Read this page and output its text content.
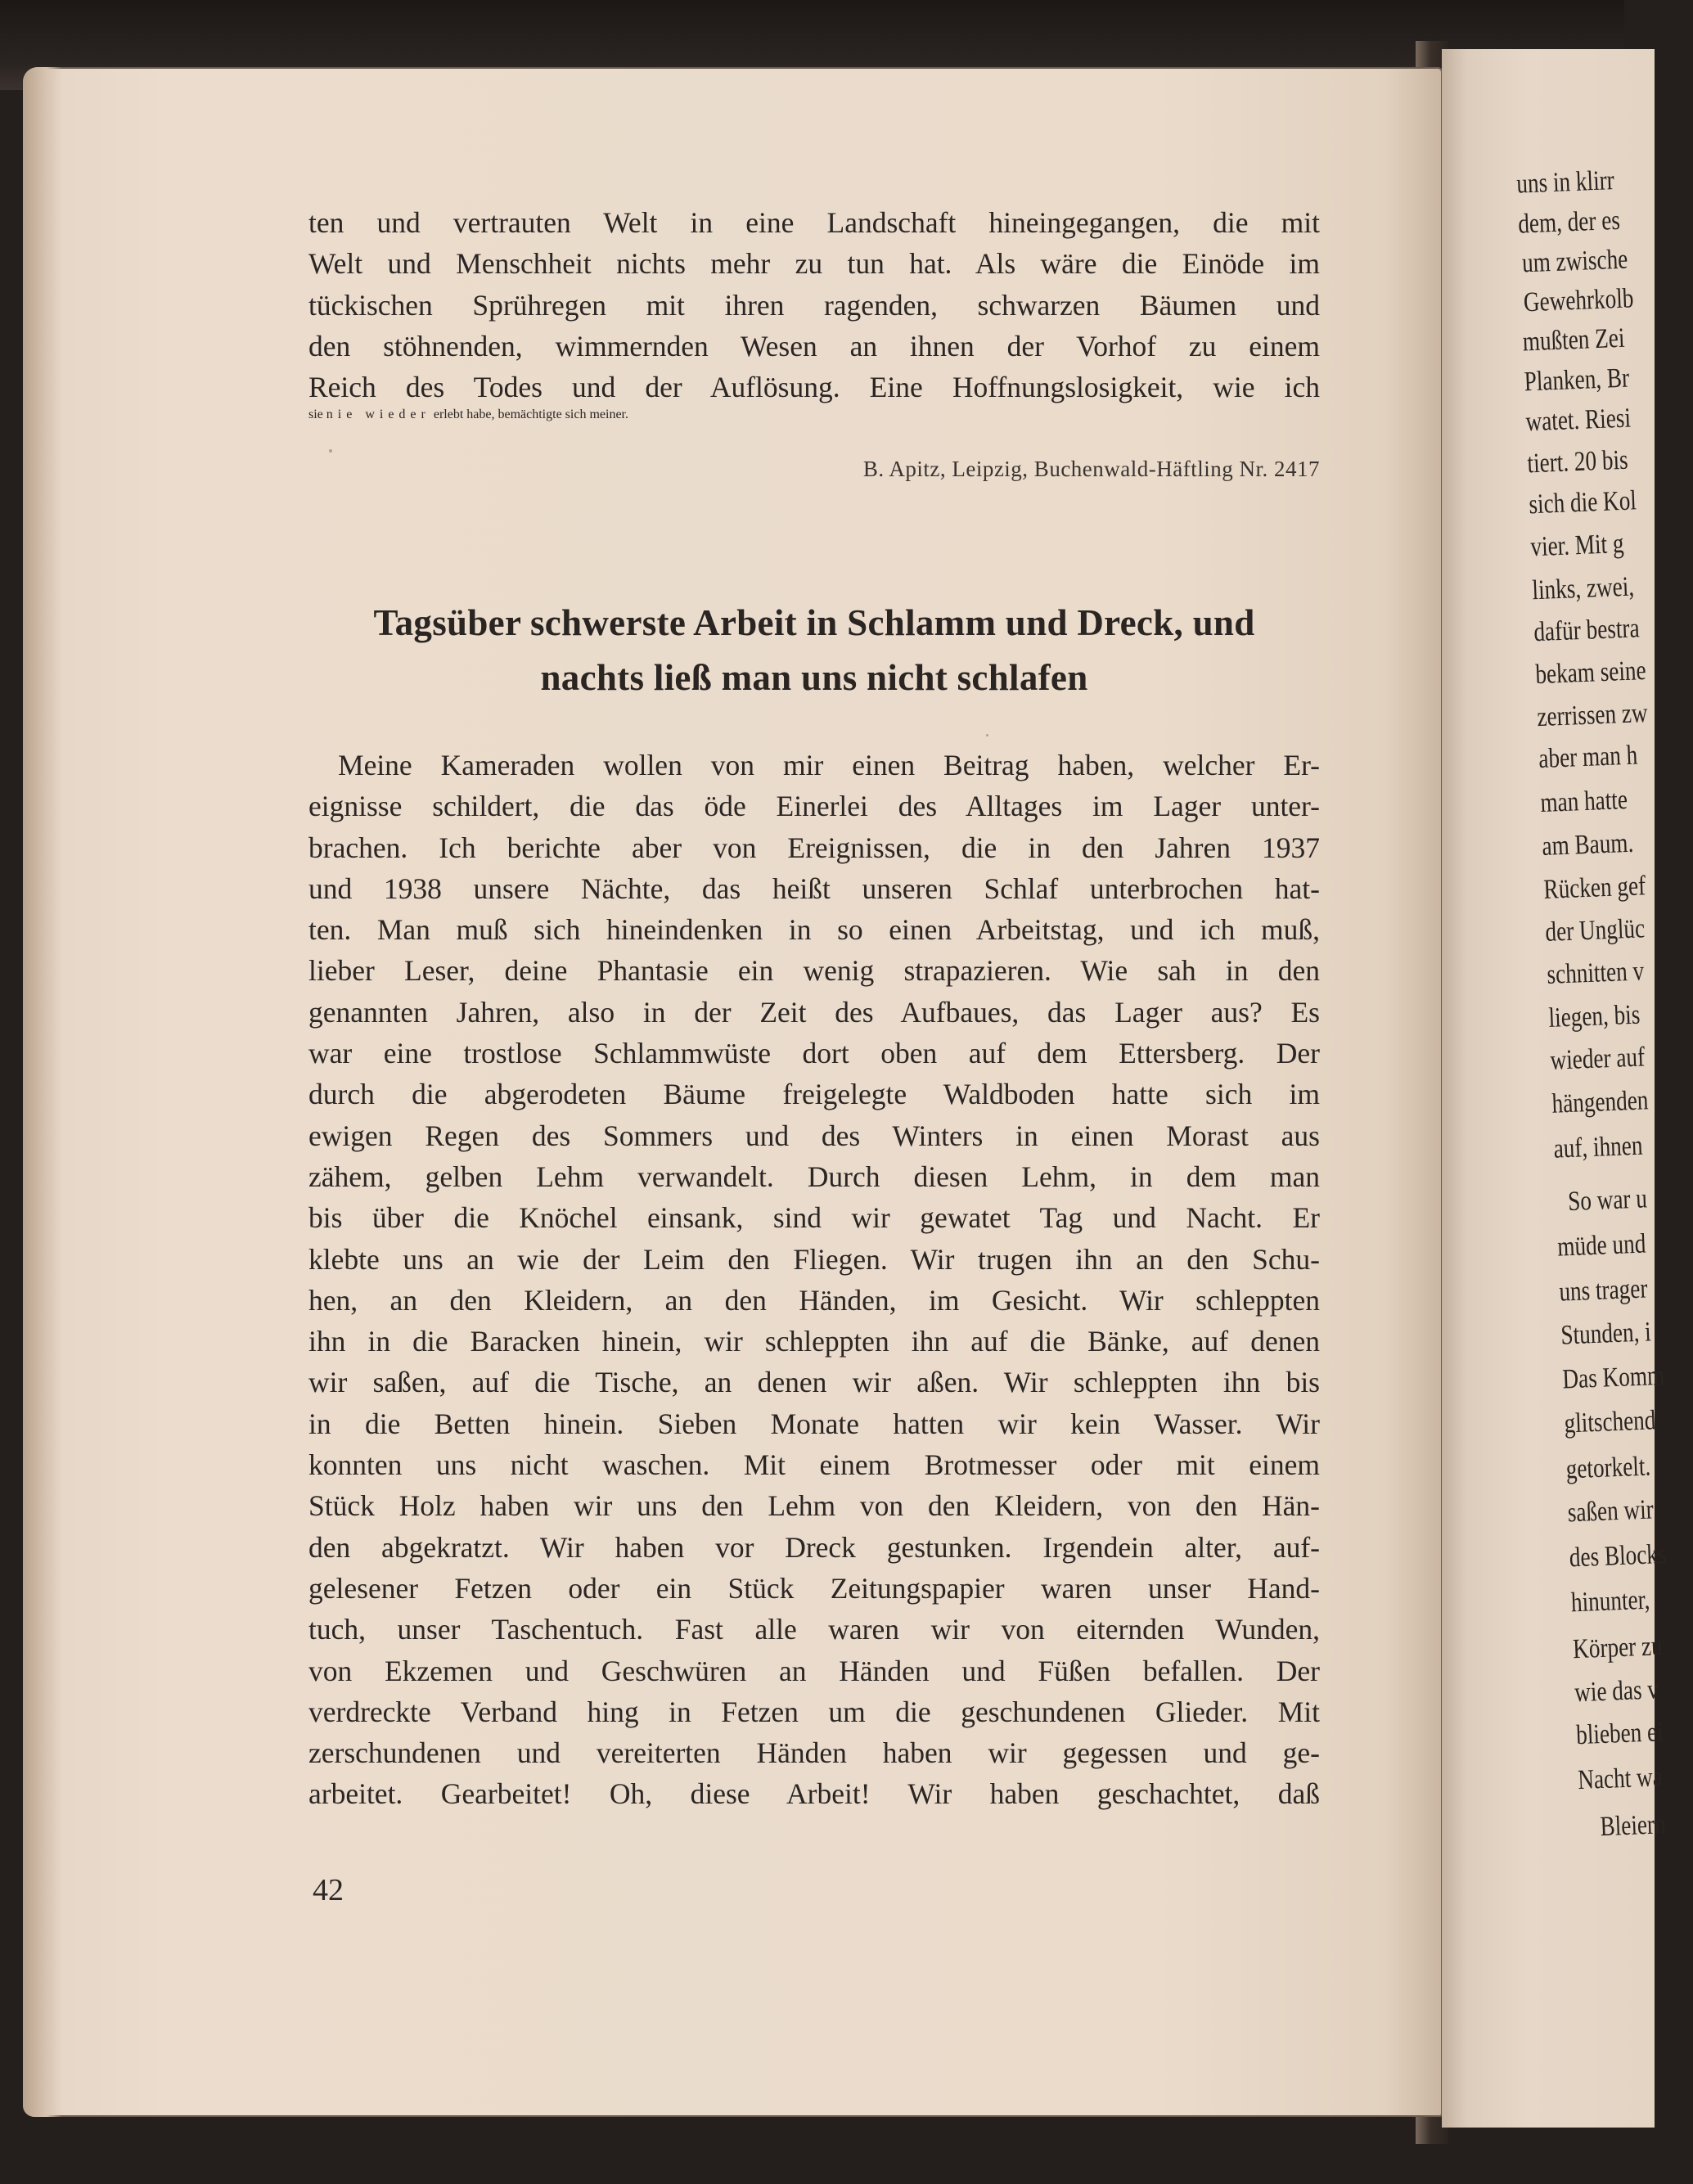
uns in klirr
dem, der es
um zwische
Gewehrkolb
mußten Zei
Planken, Br
watet. Riesi
tiert. 20 bis
sich die Kol
vier. Mit g
links, zwei,
dafür bestra
bekam seine
zerrissen zw
aber man h
man hatte
am Baum.
Rücken gef
der Unglüc
schnitten v
liegen, bis
wieder auf
hängenden
auf, ihnen
So war u
müde und
uns trager
Stunden, i
Das Komm
glitschend
getorkelt.
saßen wir
des Blocks
hinunter,
Körper zu
wie das v
blieben ei
Nacht wa
Bleiern
ten und vertrauten Welt in eine Landschaft hineingegangen, die mit
Welt und Menschheit nichts mehr zu tun hat. Als wäre die Einöde im
tückischen Sprühregen mit ihren ragenden, schwarzen Bäumen und
den stöhnenden, wimmernden Wesen an ihnen der Vorhof zu einem
Reich des Todes und der Auflösung. Eine Hoffnungslosigkeit, wie ich
sie nie wieder erlebt habe, bemächtigte sich meiner.
B. Apitz, Leipzig, Buchenwald-Häftling Nr. 2417
Tagsüber schwerste Arbeit in Schlamm und Dreck, und
nachts ließ man uns nicht schlafen
Meine Kameraden wollen von mir einen Beitrag haben, welcher Er-
eignisse schildert, die das öde Einerlei des Alltages im Lager unter-
brachen. Ich berichte aber von Ereignissen, die in den Jahren 1937
und 1938 unsere Nächte, das heißt unseren Schlaf unterbrochen hat-
ten. Man muß sich hineindenken in so einen Arbeitstag, und ich muß,
lieber Leser, deine Phantasie ein wenig strapazieren. Wie sah in den
genannten Jahren, also in der Zeit des Aufbaues, das Lager aus? Es
war eine trostlose Schlammwüste dort oben auf dem Ettersberg. Der
durch die abgerodeten Bäume freigelegte Waldboden hatte sich im
ewigen Regen des Sommers und des Winters in einen Morast aus
zähem, gelben Lehm verwandelt. Durch diesen Lehm, in dem man
bis über die Knöchel einsank, sind wir gewatet Tag und Nacht. Er
klebte uns an wie der Leim den Fliegen. Wir trugen ihn an den Schu-
hen, an den Kleidern, an den Händen, im Gesicht. Wir schleppten
ihn in die Baracken hinein, wir schleppten ihn auf die Bänke, auf denen
wir saßen, auf die Tische, an denen wir aßen. Wir schleppten ihn bis
in die Betten hinein. Sieben Monate hatten wir kein Wasser. Wir
konnten uns nicht waschen. Mit einem Brotmesser oder mit einem
Stück Holz haben wir uns den Lehm von den Kleidern, von den Hän-
den abgekratzt. Wir haben vor Dreck gestunken. Irgendein alter, auf-
gelesener Fetzen oder ein Stück Zeitungspapier waren unser Hand-
tuch, unser Taschentuch. Fast alle waren wir von eiternden Wunden,
von Ekzemen und Geschwüren an Händen und Füßen befallen. Der
verdreckte Verband hing in Fetzen um die geschundenen Glieder. Mit
zerschundenen und vereiterten Händen haben wir gegessen und ge-
arbeitet. Gearbeitet! Oh, diese Arbeit! Wir haben geschachtet, daß
42
